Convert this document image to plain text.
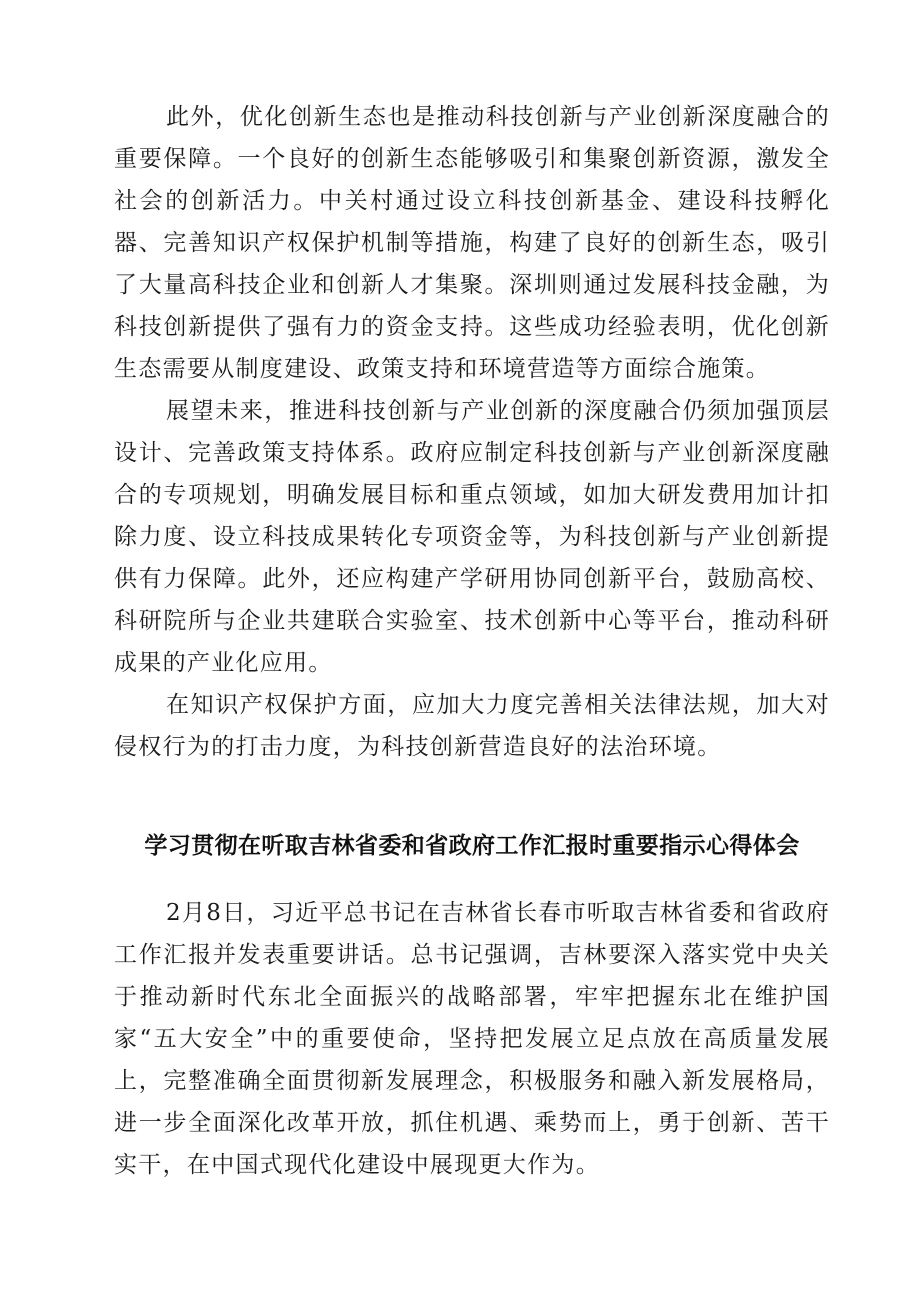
此外，优化创新生态也是推动科技创新与产业创新深度融合的重要保障。一个良好的创新生态能够吸引和集聚创新资源，激发全社会的创新活力。中关村通过设立科技创新基金、建设科技孵化器、完善知识产权保护机制等措施，构建了良好的创新生态，吸引了大量高科技企业和创新人才集聚。深圳则通过发展科技金融，为科技创新提供了强有力的资金支持。这些成功经验表明，优化创新生态需要从制度建设、政策支持和环境营造等方面综合施策。

展望未来，推进科技创新与产业创新的深度融合仍须加强顶层设计、完善政策支持体系。政府应制定科技创新与产业创新深度融合的专项规划，明确发展目标和重点领域，如加大研发费用加计扣除力度、设立科技成果转化专项资金等，为科技创新与产业创新提供有力保障。此外，还应构建产学研用协同创新平台，鼓励高校、科研院所与企业共建联合实验室、技术创新中心等平台，推动科研成果的产业化应用。

在知识产权保护方面，应加大力度完善相关法律法规，加大对侵权行为的打击力度，为科技创新营造良好的法治环境。

学习贯彻在听取吉林省委和省政府工作汇报时重要指示心得体会

2月8日，习近平总书记在吉林省长春市听取吉林省委和省政府工作汇报并发表重要讲话。总书记强调，吉林要深入落实党中央关于推动新时代东北全面振兴的战略部署，牢牢把握东北在维护国家“五大安全”中的重要使命，坚持把发展立足点放在高质量发展上，完整准确全面贯彻新发展理念，积极服务和融入新发展格局，进一步全面深化改革开放，抓住机遇、乘势而上，勇于创新、苦干实干，在中国式现代化建设中展现更大作为。
